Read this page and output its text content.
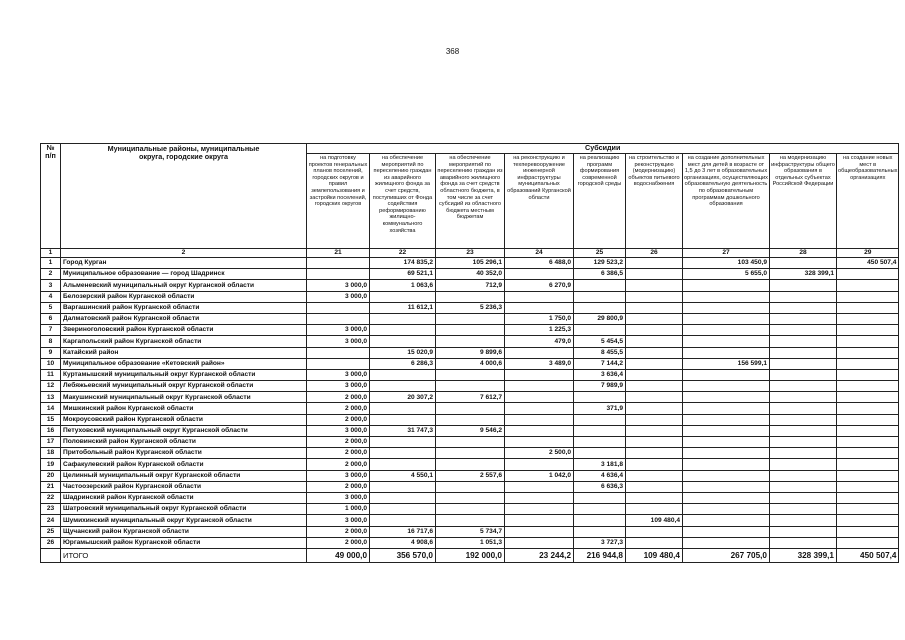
368
№ п/п	Муниципальные районы, муниципальные округа, городские округа	Субсидии								
		на подготовку проектов генеральных планов поселений, городских округов и правил землепользования и застройки поселений, городских округов	на обеспечение мероприятий по переселению граждан из аварийного жилищного фонда за счет средств, поступивших от Фонда содействия реформированию жилищно-коммунального хозяйства	на обеспечение мероприятий по переселению граждан из аварийного жилищного фонда за счет средств областного бюджета, в том числе за счет субсидий из областного бюджета местным бюджетам	на реконструкцию и техперевооружение инженерной инфраструктуры муниципальных образований Курганской области	на реализацию программ формирования современной городской среды	на строительство и реконструкцию (модернизацию) объектов питьевого водоснабжения	на создание дополнительных мест для детей в возрасте от 1,5 до 3 лет в образовательных организациях, осуществляющих образовательную деятельность по образовательным программам дошкольного образования	на модернизацию инфраструктуры общего образования в отдельных субъектах Российской Федерации	на создание новых мест в общеобразовательных организациях
1	2	21	22	23	24	25	26	27	28	29
1	Город Курган		174 835,2	105 296,1	6 488,0	129 523,2		103 450,9		450 507,4
2	Муниципальное образование — город Шадринск		69 521,1	40 352,0		6 386,5		5 655,0	328 399,1	
3	Альменевский муниципальный округ Курганской области	3 000,0	1 063,6	712,9	6 270,9					
4	Белозерский район Курганской области	3 000,0								
5	Варгашинский район Курганской области		11 612,1	5 236,3						
6	Далматовский район Курганской области				1 750,0	29 800,9				
7	Звериноголовский район Курганской области	3 000,0			1 225,3					
8	Каргапольский район Курганской области	3 000,0			479,0	5 454,5				
9	Катайский район		15 020,9	9 899,6		8 455,5				
10	Муниципальное образование «Кетовский район»		6 286,3	4 000,6	3 489,0	7 144,2		156 599,1		
11	Куртамышский муниципальный округ Курганской области	3 000,0				3 636,4				
12	Лебяжьевский муниципальный округ Курганской области	3 000,0				7 989,9				
13	Макушинский муниципальный округ Курганской области	2 000,0	20 307,2	7 612,7						
14	Мишкинский район Курганской области	2 000,0				371,9				
15	Мокроусовский район Курганской области	2 000,0								
16	Петуховский муниципальный округ Курганской области	3 000,0	31 747,3	9 546,2						
17	Половинский район Курганской области	2 000,0								
18	Притобольный район Курганской области	2 000,0			2 500,0					
19	Сафакулевский район Курганской области	2 000,0				3 181,8				
20	Целинный муниципальный округ Курганской области	3 000,0	4 550,1	2 557,6	1 042,0	4 636,4				
21	Частоозерский район Курганской области	2 000,0				6 636,3				
22	Шадринский район Курганской области	3 000,0								
23	Шатровский муниципальный округ Курганской области	1 000,0								
24	Шумихинский муниципальный округ Курганской области	3 000,0					109 480,4			
25	Щучанский район Курганской области	2 000,0	16 717,6	5 734,7						
26	Юргамышский район Курганской области	2 000,0	4 908,6	1 051,3		3 727,3				
	ИТОГО	49 000,0	356 570,0	192 000,0	23 244,2	216 944,8	109 480,4	267 705,0	328 399,1	450 507,4
